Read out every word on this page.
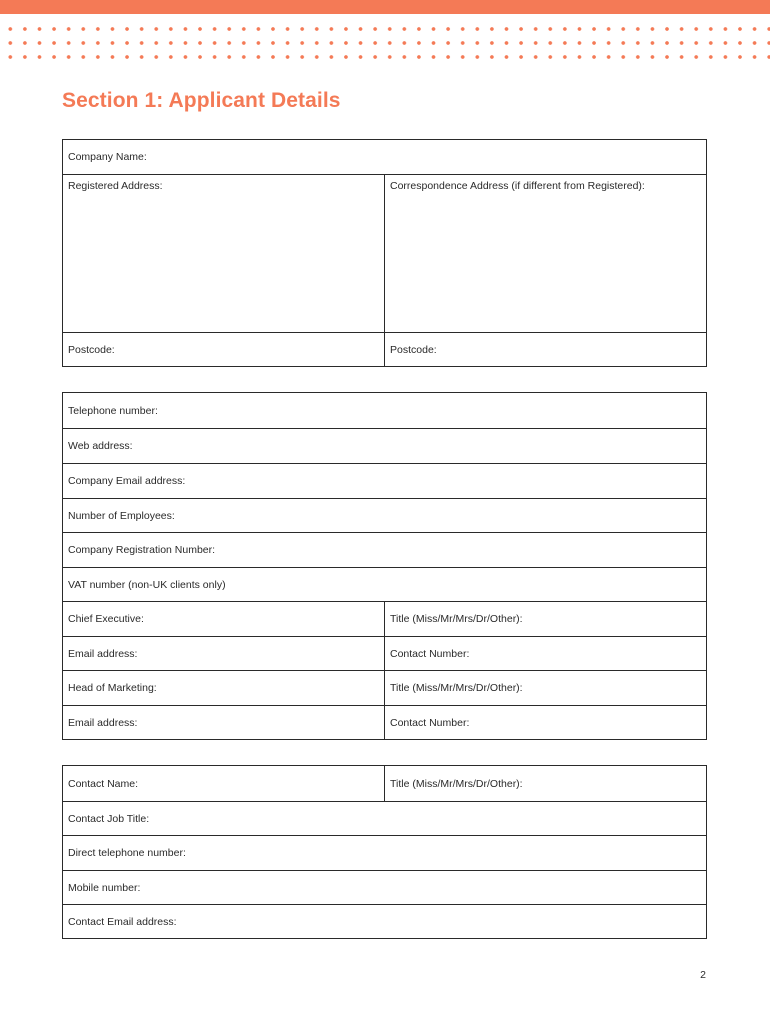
Section 1: Applicant Details
Company Name:
Registered Address:	Correspondence Address (if different from Registered):
Postcode:	Postcode:
Telephone number:
Web address:
Company Email address:
Number of Employees:
Company Registration Number:
VAT number (non-UK clients only)
Chief Executive:	Title (Miss/Mr/Mrs/Dr/Other):
Email address:	Contact Number:
Head of Marketing:	Title (Miss/Mr/Mrs/Dr/Other):
Email address:	Contact Number:
Contact Name:	Title (Miss/Mr/Mrs/Dr/Other):
Contact Job Title:
Direct telephone number:
Mobile number:
Contact Email address:
2
